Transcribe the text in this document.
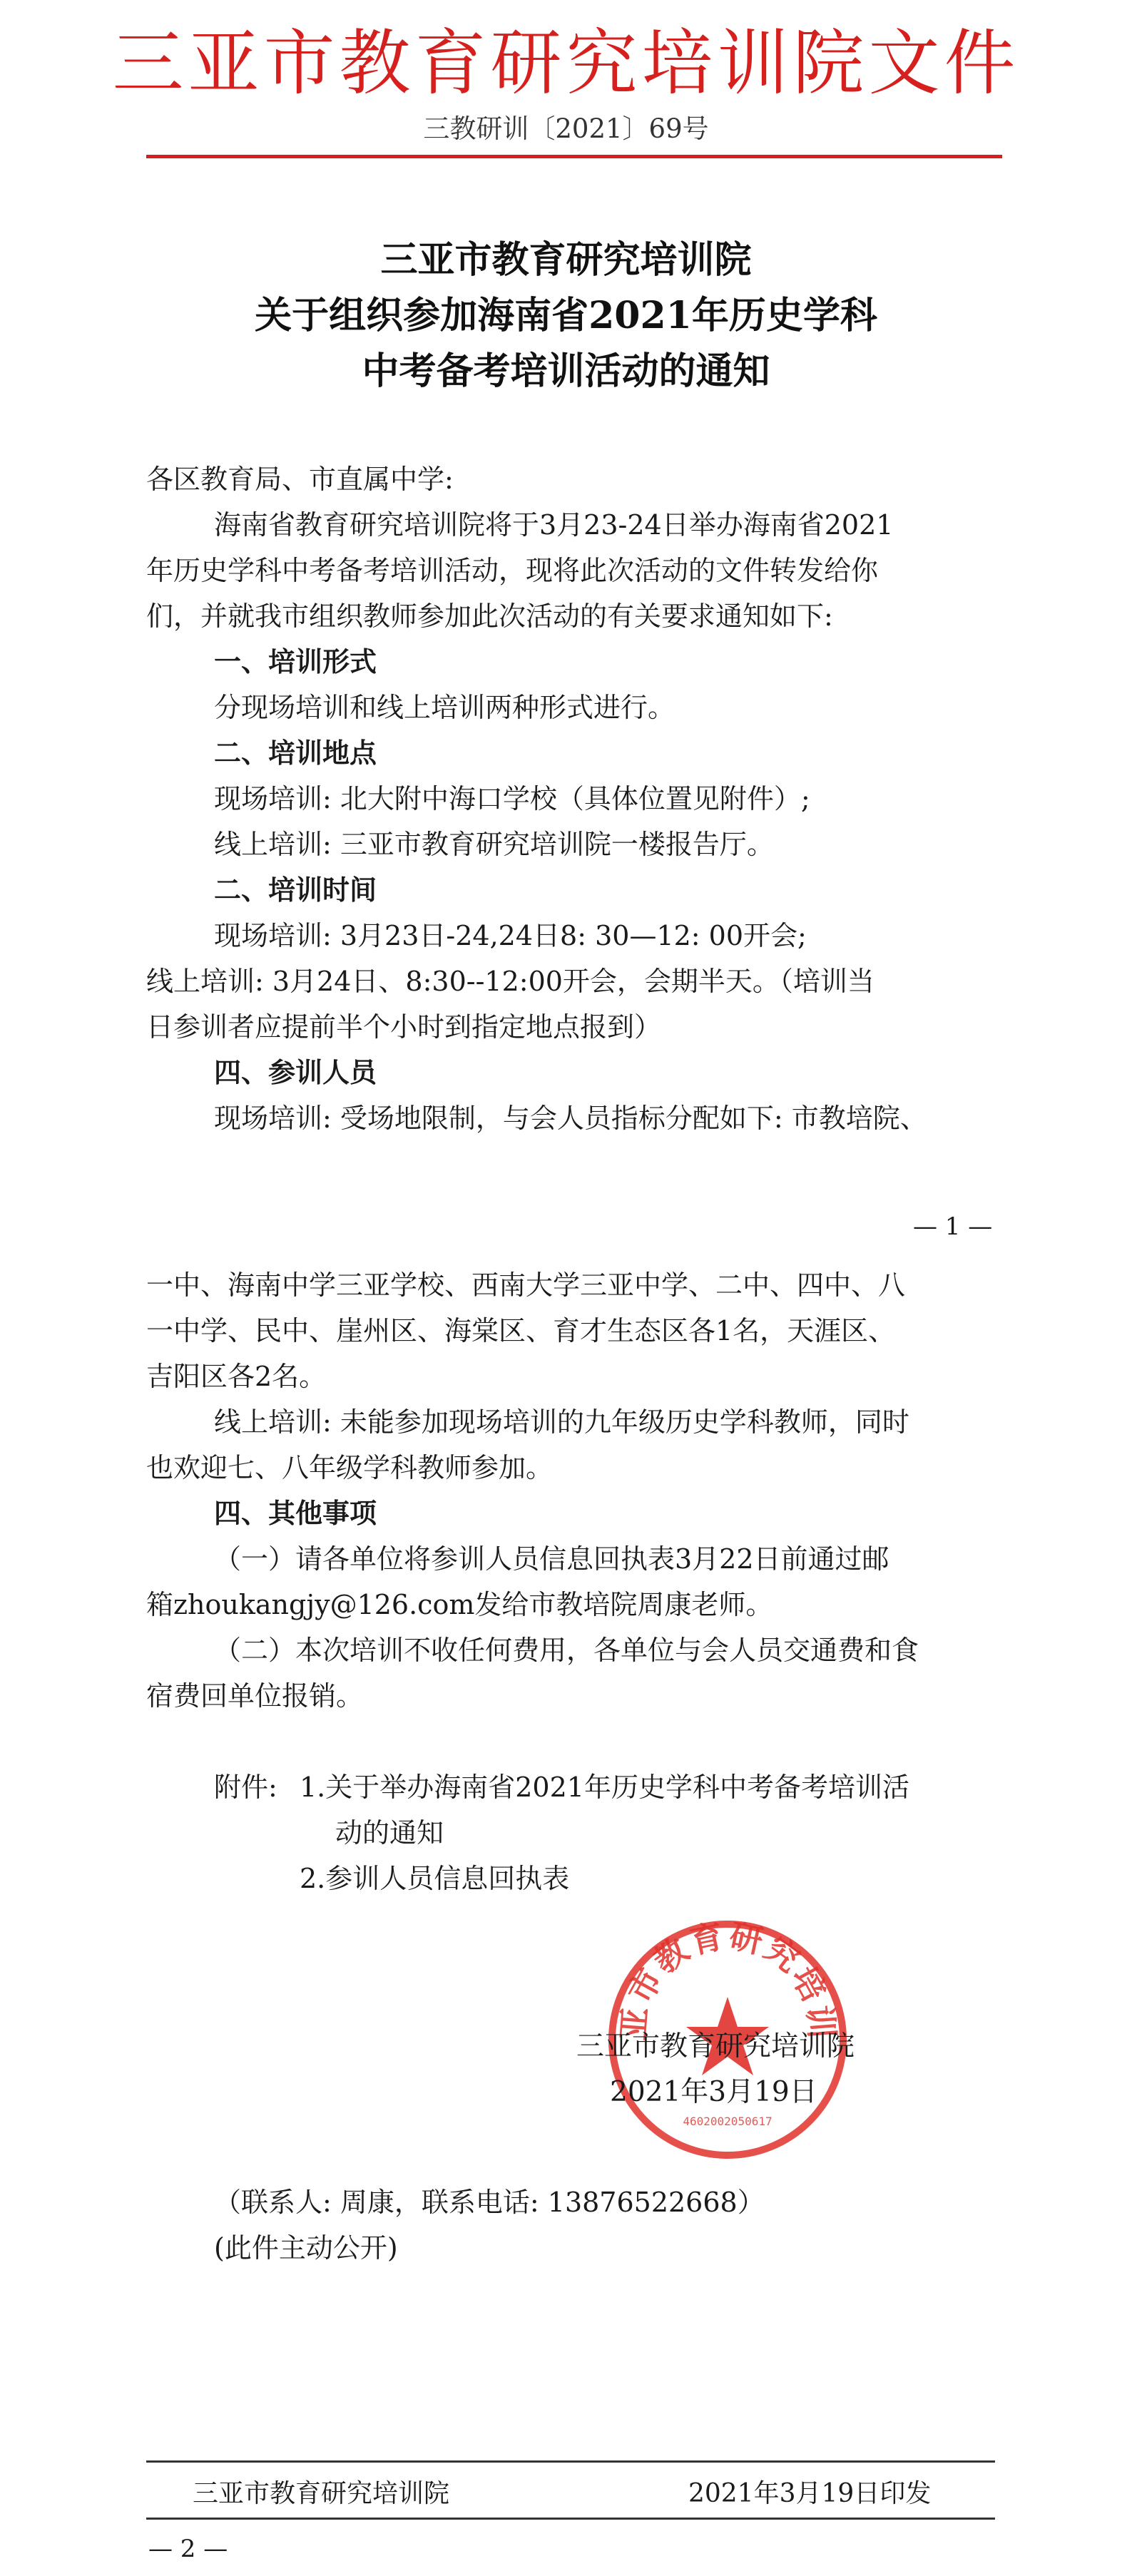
三亚市教育研究培训院文件
三教研训〔2021〕69号
三亚市教育研究培训院
关于组织参加海南省2021年历史学科
中考备考培训活动的通知
各区教育局、市直属中学:
海南省教育研究培训院将于3月23-24日举办海南省2021
年历史学科中考备考培训活动，现将此次活动的文件转发给你
们，并就我市组织教师参加此次活动的有关要求通知如下:
一、培训形式
分现场培训和线上培训两种形式进行。
二、培训地点
现场培训: 北大附中海口学校（具体位置见附件）;
线上培训: 三亚市教育研究培训院一楼报告厅。
二、培训时间
现场培训: 3月23日-24,24日8: 30—12: 00开会;
线上培训: 3月24日、8:30--12:00开会，会期半天。（培训当
日参训者应提前半个小时到指定地点报到）
四、参训人员
现场培训: 受场地限制，与会人员指标分配如下: 市教培院、
— 1 —
一中、海南中学三亚学校、西南大学三亚中学、二中、四中、八
一中学、民中、崖州区、海棠区、育才生态区各1名，天涯区、
吉阳区各2名。
线上培训: 未能参加现场培训的九年级历史学科教师，同时
也欢迎七、八年级学科教师参加。
四、其他事项
（一）请各单位将参训人员信息回执表3月22日前通过邮
箱zhoukangjy@126.com发给市教培院周康老师。
（二）本次培训不收任何费用，各单位与会人员交通费和食
宿费回单位报销。
附件: 1.关于举办海南省2021年历史学科中考备考培训活
动的通知
2.参训人员信息回执表
亚市教育研究培训
4602002050617
三亚市教育研究培训院
2021年3月19日
（联系人: 周康，联系电话: 13876522668）
(此件主动公开)
三亚市教育研究培训院	2021年3月19日印发
— 2 —
